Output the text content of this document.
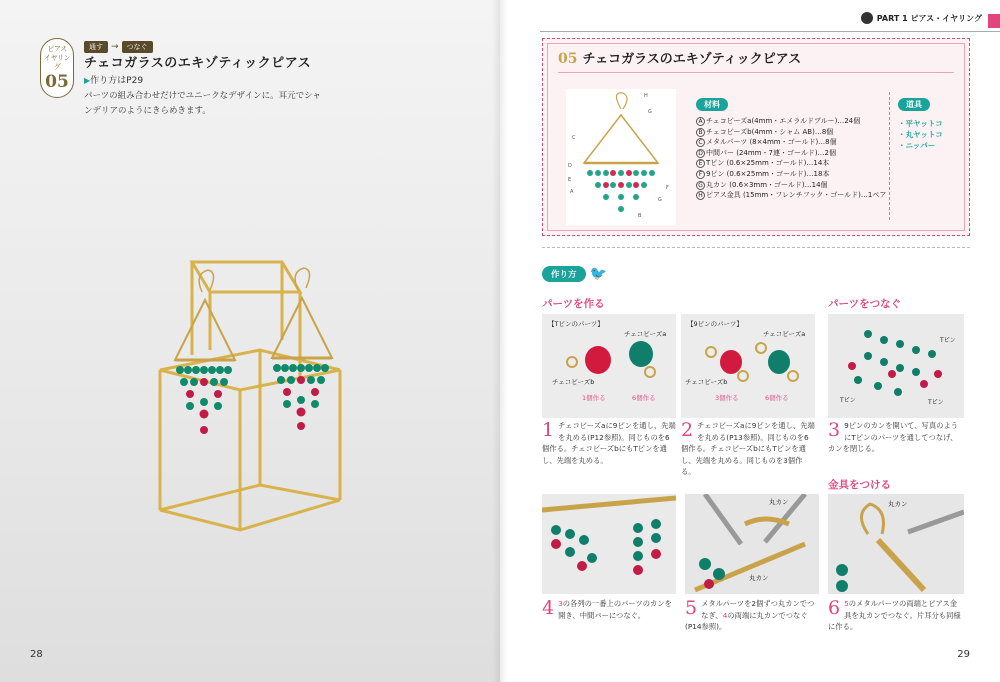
ピアス
イヤリング
05
通す →	つなぐ
チェコガラスのエキゾティックピアス
▶作り方はP29
パーツの組み合わせだけでユニークなデザインに。耳元でシャンデリアのようにきらめきます。
28
PART 1 ピアス・イヤリング
05 チェコガラスのエキゾティックピアス
H
G
C
D
E
A
F
G
B
材料
A チェコビーズa(4mm・エメラルドブルー)…24個
B チェコビーズb(4mm・シャム AB)…8個
C メタルパーツ (8×4mm・ゴールド)…8個
D 中間パー (24mm・7連・ゴールド)…2個
E Tピン (0.6×25mm・ゴールド)…14本
F 9ピン (0.6×25mm・ゴールド)…18本
G 丸カン (0.6×3mm・ゴールド)…14個
H ピアス金具 (15mm・フレンチフック・ゴールド)…1ペア
道具
・平ヤットコ
・丸ヤットコ
・ニッパー
作り方 🐦
パーツを作る	パーツをつなぐ
金具をつける
【Tピンのパーツ】
チェコビーズa
チェコビーズb
1個作る	6個作る
【9ピンのパーツ】
チェコビーズa
チェコビーズb
3個作る	6個作る
Tピン
Tピン	Tピン
1 チェコビーズaに9ピンを通し、先端を丸める(P12参照)。同じものを6個作る。チェコビーズbにもTピンを通し、先端を丸める。
2 チェコビーズaに9ピンを通し、先端を丸める(P13参照)。同じものを6個作る。チェコビーズbにもTピンを通し、先端を丸める。同じものを3個作る。
3 9ピンのカンを開いて、写真のようにTピンのパーツを通してつなげ、カンを閉じる。
丸カン
丸カン
丸カン
4 3の各列の一番上のパーツのカンを開き、中間バーにつなぐ。	5 メタルパーツを2個ずつ丸カンでつなぎ、4の両端に丸カンでつなぐ(P14参照)。
6 5のメタルパーツの両端とピアス金具を丸カンでつなぐ。片耳分も同様に作る。
29
